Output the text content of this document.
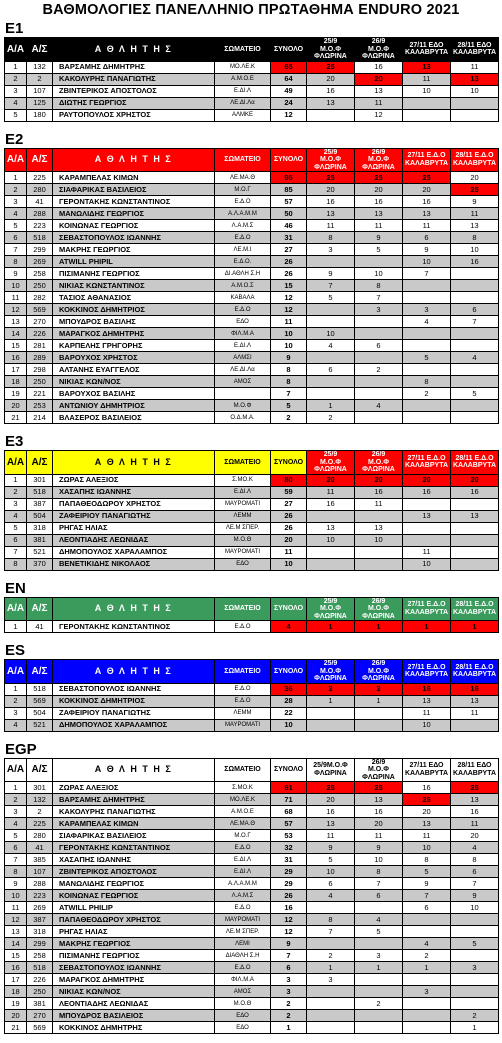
ΒΑΘΜΟΛΟΓΙΕΣ ΠΑΝΕΛΛΗΝΙΟ ΠΡΩΤΑΘΗΜΑ ENDURO 2021
E1
Α/Α	Α/Σ	Α Θ Λ Η Τ Η Σ	ΣΩΜΑΤΕΙΟ	ΣΥΝΟΛΟ	25/9
Μ.Ο.Φ
ΦΛΩΡΙΝΑ	26/9
Μ.Ο.Φ
ΦΛΩΡΙΝΑ	27/11 ΕΔΟ
ΚΑΛΑΒΡΥΤΑ	28/11 ΕΔΟ
ΚΑΛΑΒΡΥΤΑ
1	132	ΒΑΡΣΑΜΗΣ ΔΗΜΗΤΡΗΣ	ΜΟ.ΛΕ.Κ	65	25	16	13	11
2	2	ΚΑΚΟΛΥΡΗΣ ΠΑΝΑΓΙΩΤΗΣ	Α.Μ.Ο.Ε	64	20	20	11	13
3	107	ΖΒΙΝΤΕΡΙΚΟΣ ΑΠΟΣΤΟΛΟΣ	Ε.ΔΙ.Λ	49	16	13	10	10
4	125	ΔΙΩΤΗΣ ΓΕΩΡΓΙΟΣ	ΛΕ.ΔΙ.Λα	24	13	11		
5	180	ΡΑΥΤΟΠΟΥΛΟΣ ΧΡΗΣΤΟΣ	ΑΛΜΚΕ	12		12		
E2
Α/Α	Α/Σ	Α Θ Λ Η Τ Η Σ	ΣΩΜΑΤΕΙΟ	ΣΥΝΟΛΟ	25/9
Μ.Ο.Φ
ΦΛΩΡΙΝΑ	26/9
Μ.Ο.Φ
ΦΛΩΡΙΝΑ	27/11 Ε.Δ.Ο
ΚΑΛΑΒΡΥΤΑ	28/11 Ε.Δ.Ο
ΚΑΛΑΒΡΥΤΑ
1	225	ΚΑΡΑΜΠΕΛΑΣ ΚΙΜΩΝ	ΛΕ.ΜΑ.Θ	95	25	25	25	20
2	280	ΣΙΑΦΑΡΙΚΑΣ ΒΑΣΙΛΕΙΟΣ	Μ.Ο.Γ	85	20	20	20	25
3	41	ΓΕΡΟΝΤΑΚΗΣ ΚΩΝΣΤΑΝΤΙΝΟΣ	Ε.Δ.Ο	57	16	16	16	9
4	288	ΜΑΝΩΛΙΔΗΣ ΓΕΩΡΓΙΟΣ	Α.Λ.Α.Μ.Μ	50	13	13	13	11
5	223	ΚΟΙΝΩΝΑΣ ΓΕΩΡΓΙΟΣ	Λ.Α.Μ.Σ	46	11	11	11	13
6	518	ΣΕΒΑΣΤΟΠΟΥΛΟΣ ΙΩΑΝΝΗΣ	Ε.Δ.Ο	31	8	9	6	8
7	299	ΜΑΚΡΗΣ ΓΕΩΡΓΙΟΣ	ΛΕ.Μ.Ι	27	3	5	9	10
8	269	ATWILL PHIPIL	Ε.Δ.Ο.	26			10	16
9	258	ΠΙΣΙΜΑΝΗΣ ΓΕΩΡΓΙΟΣ	ΔΙ.ΑΘΛΗ Σ.Η	26	9	10	7	
10	250	ΝΙΚΙΑΣ ΚΩΝΣΤΑΝΤΙΝΟΣ	Α.Μ.Ο.Σ	15	7	8		
11	282	ΤΑΣΙΟΣ ΑΘΑΝΑΣΙΟΣ	ΚΑΒΑΛΑ	12	5	7		
12	569	ΚΟΚΚΙΝΟΣ ΔΗΜΗΤΡΙΟΣ	Ε.Δ.Ο	12		3	3	6
13	270	ΜΠΟΥΔΡΟΣ ΒΑΣΙΛΗΣ	ΕΔΟ	11			4	7
14	226	ΜΑΡΑΓΚΟΣ ΔΗΜΗΤΡΗΣ	ΦΙΛ.Μ.Α	10	10			
15	281	ΚΑΡΠΕΛΗΣ ΓΡΗΓΟΡΗΣ	Ε.ΔΙ.Λ	10	4	6		
16	289	ΒΑΡΟΥΧΟΣ ΧΡΗΣΤΟΣ	ΑΛΜΣΙ	9			5	4
17	298	ΑΛΤΑΝΗΣ ΕΥΑΓΓΕΛΟΣ	ΛΕ.ΔΙ.Λα	8	6	2		
18	250	ΝΙΚΙΑΣ ΚΩΝ/ΝΟΣ	ΑΜΟΣ	8			8	
19	221	ΒΑΡΟΥΧΟΣ ΒΑΣΙΛΗΣ		7			2	5
20	253	ΑΝΤΩΝΙΟΥ ΔΗΜΗΤΡΙΟΣ	Μ.Ο.Φ	5	1	4		
21	214	ΒΛΑΣΕΡΟΣ ΒΑΣΙΛΕΙΟΣ	Ο.Δ.Μ.Α.	2	2			
E3
Α/Α	Α/Σ	Α Θ Λ Η Τ Η Σ	ΣΩΜΑΤΕΙΟ	ΣΥΝΟΛΟ	25/9
Μ.Ο.Φ
ΦΛΩΡΙΝΑ	26/9
Μ.Ο.Φ
ΦΛΩΡΙΝΑ	27/11 Ε.Δ.Ο
ΚΑΛΑΒΡΥΤΑ	28/11 Ε.Δ.Ο
ΚΑΛΑΒΡΥΤΑ
1	301	ΖΩΡΑΣ ΑΛΕΞΙΟΣ	Σ.ΜΟ.Κ	80	20	20	20	20
2	518	ΧΑΣΑΠΗΣ ΙΩΑΝΝΗΣ	Ε.ΔΙ.Λ	59	11	16	16	16
3	387	ΠΑΠΑΘΕΟΔΩΡΟΥ ΧΡΗΣΤΟΣ	ΜΑΥΡΟΜΑΤΙ	27	16	11		
4	504	ΖΑΦΕΙΡΙΟΥ ΠΑΝΑΓΙΩΤΗΣ	ΛΕΜΜ	26			13	13
5	318	ΡΗΓΑΣ ΗΛΙΑΣ	ΛΕ.Μ ΣΠΕΡ.	26	13	13		
6	381	ΛΕΟΝΤΙΑΔΗΣ ΛΕΩΝΙΔΑΣ	Μ.Ο.Θ	20	10	10		
7	521	ΔΗΜΟΠΟΥΛΟΣ ΧΑΡΑΛΑΜΠΟΣ	ΜΑΥΡΟΜΑΤΙ	11			11	
8	370	ΒΕΝΕΤΙΚΙΔΗΣ ΝΙΚΟΛΑΟΣ	ΕΔΟ	10			10	
EN
Α/Α	Α/Σ	Α Θ Λ Η Τ Η Σ	ΣΩΜΑΤΕΙΟ	ΣΥΝΟΛΟ	25/9
Μ.Ο.Φ
ΦΛΩΡΙΝΑ	26/9
Μ.Ο.Φ
ΦΛΩΡΙΝΑ	27/11 Ε.Δ.Ο
ΚΑΛΑΒΡΥΤΑ	28/11 Ε.Δ.Ο
ΚΑΛΑΒΡΥΤΑ
1	41	ΓΕΡΟΝΤΑΚΗΣ ΚΩΝΣΤΑΝΤΙΝΟΣ	Ε.Δ.Ο	4	1	1	1	1
ES
Α/Α	Α/Σ	Α Θ Λ Η Τ Η Σ	ΣΩΜΑΤΕΙΟ	ΣΥΝΟΛΟ	25/9
Μ.Ο.Φ
ΦΛΩΡΙΝΑ	26/9
Μ.Ο.Φ
ΦΛΩΡΙΝΑ	27/11 Ε.Δ.Ο
ΚΑΛΑΒΡΥΤΑ	28/11 Ε.Δ.Ο
ΚΑΛΑΒΡΥΤΑ
1	518	ΣΕΒΑΣΤΟΠΟΥΛΟΣ ΙΩΑΝΝΗΣ	Ε.Δ.Ο	36	2	2	16	16
2	569	ΚΟΚΚΙΝΟΣ ΔΗΜΗΤΡΙΟΣ	Ε.Δ.Ο	28	1	1	13	13
3	504	ΖΑΦΕΙΡΙΟΥ ΠΑΝΑΓΙΩΤΗΣ	ΛΕΜΜ	22			11	11
4	521	ΔΗΜΟΠΟΥΛΟΣ ΧΑΡΑΛΑΜΠΟΣ	ΜΑΥΡΟΜΑΤΙ	10			10	
EGP
Α/Α	Α/Σ	Α Θ Λ Η Τ Η Σ	ΣΩΜΑΤΕΙΟ	ΣΥΝΟΛΟ	25/9Μ.Ο.Φ
ΦΛΩΡΙΝΑ	26/9
Μ.Ο.Φ
ΦΛΩΡΙΝΑ	27/11 ΕΔΟ
ΚΑΛΑΒΡΥΤΑ	28/11 ΕΔΟ
ΚΑΛΑΒΡΥΤΑ
1	301	ΖΩΡΑΣ ΑΛΕΞΙΟΣ	Σ.ΜΟ.Κ	91	25	25	16	25
2	132	ΒΑΡΣΑΜΗΣ ΔΗΜΗΤΡΗΣ	ΜΟ.ΛΕ.Κ	71	20	13	25	13
3	2	ΚΑΚΟΛΥΡΗΣ ΠΑΝΑΓΙΩΤΗΣ	Α.Μ.Ο.Ε	68	16	16	20	16
4	225	ΚΑΡΑΜΠΕΛΑΣ ΚΙΜΩΝ	ΛΕ.ΜΑ.Θ	57	13	20	13	11
5	280	ΣΙΑΦΑΡΙΚΑΣ ΒΑΣΙΛΕΙΟΣ	Μ.Ο.Γ	53	11	11	11	20
6	41	ΓΕΡΟΝΤΑΚΗΣ ΚΩΝΣΤΑΝΤΙΝΟΣ	Ε.Δ.Ο	32	9	9	10	4
7	385	ΧΑΣΑΠΗΣ ΙΩΑΝΝΗΣ	Ε.ΔΙ.Λ	31	5	10	8	8
8	107	ΖΒΙΝΤΕΡΙΚΟΣ ΑΠΟΣΤΟΛΟΣ	Ε.ΔΙ.Λ	29	10	8	5	6
9	288	ΜΑΝΩΛΙΔΗΣ ΓΕΩΡΓΙΟΣ	Α.Λ.Α.Μ.Μ	29	6	7	9	7
10	223	ΚΟΙΝΩΝΑΣ ΓΕΩΡΓΙΟΣ	Λ.Α.Μ.Σ	26	4	6	7	9
11	269	ATWILL PHILIP	Ε.Δ.Ο	16			6	10
12	387	ΠΑΠΑΘΕΟΔΩΡΟΥ ΧΡΗΣΤΟΣ	ΜΑΥΡΟΜΑΤΙ	12	8	4		
13	318	ΡΗΓΑΣ ΗΛΙΑΣ	ΛΕ.Μ ΣΠΕΡ.	12	7	5		
14	299	ΜΑΚΡΗΣ ΓΕΩΡΓΙΟΣ	ΛΕΜΙ	9			4	5
15	258	ΠΙΣΙΜΑΝΗΣ ΓΕΩΡΓΙΟΣ	ΔΙΑΘΛΗ Σ.Η	7	2	3	2	
16	518	ΣΕΒΑΣΤΟΠΟΥΛΟΣ ΙΩΑΝΝΗΣ	Ε.Δ.Ο	6	1	1	1	3
17	226	ΜΑΡΑΓΚΟΣ ΔΗΜΗΤΡΗΣ	ΦΙΛ.Μ.Α	3	3			
18	250	ΝΙΚΙΑΣ ΚΩΝ/ΝΟΣ	ΑΜΟΣ	3			3	
19	381	ΛΕΟΝΤΙΑΔΗΣ ΛΕΩΝΙΔΑΣ	Μ.Ο.Θ	2		2		
20	270	ΜΠΟΥΔΡΟΣ ΒΑΣΙΛΕΙΟΣ	ΕΔΟ	2				2
21	569	ΚΟΚΚΙΝΟΣ ΔΗΜΗΤΡΗΣ	ΕΔΟ	1				1
